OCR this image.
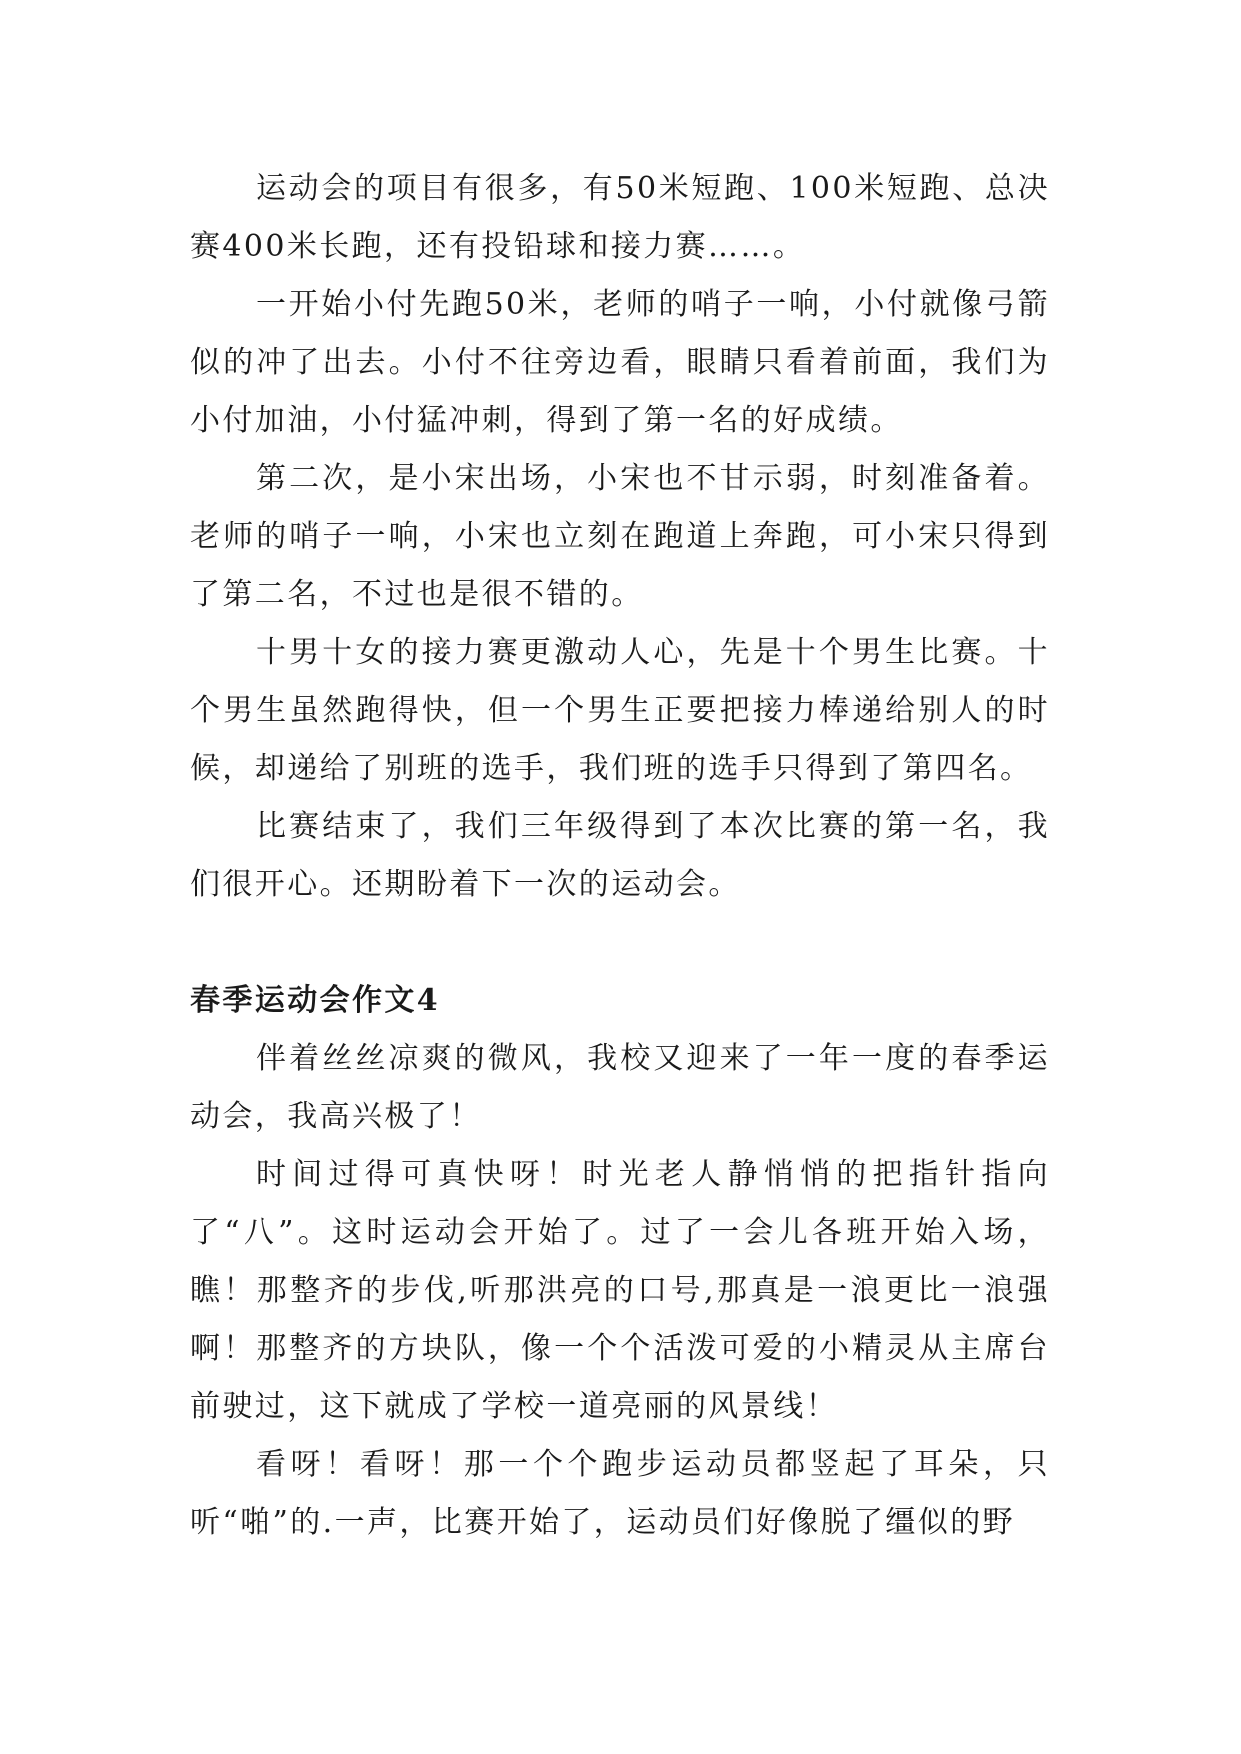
运动会的项目有很多，有50米短跑、100米短跑、总决赛400米长跑，还有投铅球和接力赛……。

一开始小付先跑50米，老师的哨子一响，小付就像弓箭似的冲了出去。小付不往旁边看，眼睛只看着前面，我们为小付加油，小付猛冲刺，得到了第一名的好成绩。

第二次，是小宋出场，小宋也不甘示弱，时刻准备着。老师的哨子一响，小宋也立刻在跑道上奔跑，可小宋只得到了第二名，不过也是很不错的。

十男十女的接力赛更激动人心，先是十个男生比赛。十个男生虽然跑得快，但一个男生正要把接力棒递给别人的时候，却递给了别班的选手，我们班的选手只得到了第四名。

比赛结束了，我们三年级得到了本次比赛的第一名，我们很开心。还期盼着下一次的运动会。

春季运动会作文4

伴着丝丝凉爽的微风，我校又迎来了一年一度的春季运动会，我高兴极了！

时间过得可真快呀！时光老人静悄悄的把指针指向了“八”。这时运动会开始了。过了一会儿各班开始入场，瞧！那整齐的步伐,听那洪亮的口号,那真是一浪更比一浪强啊！那整齐的方块队，像一个个活泼可爱的小精灵从主席台前驶过，这下就成了学校一道亮丽的风景线！

看呀！看呀！那一个个跑步运动员都竖起了耳朵，只听“啪”的.一声，比赛开始了，运动员们好像脱了缰似的野
